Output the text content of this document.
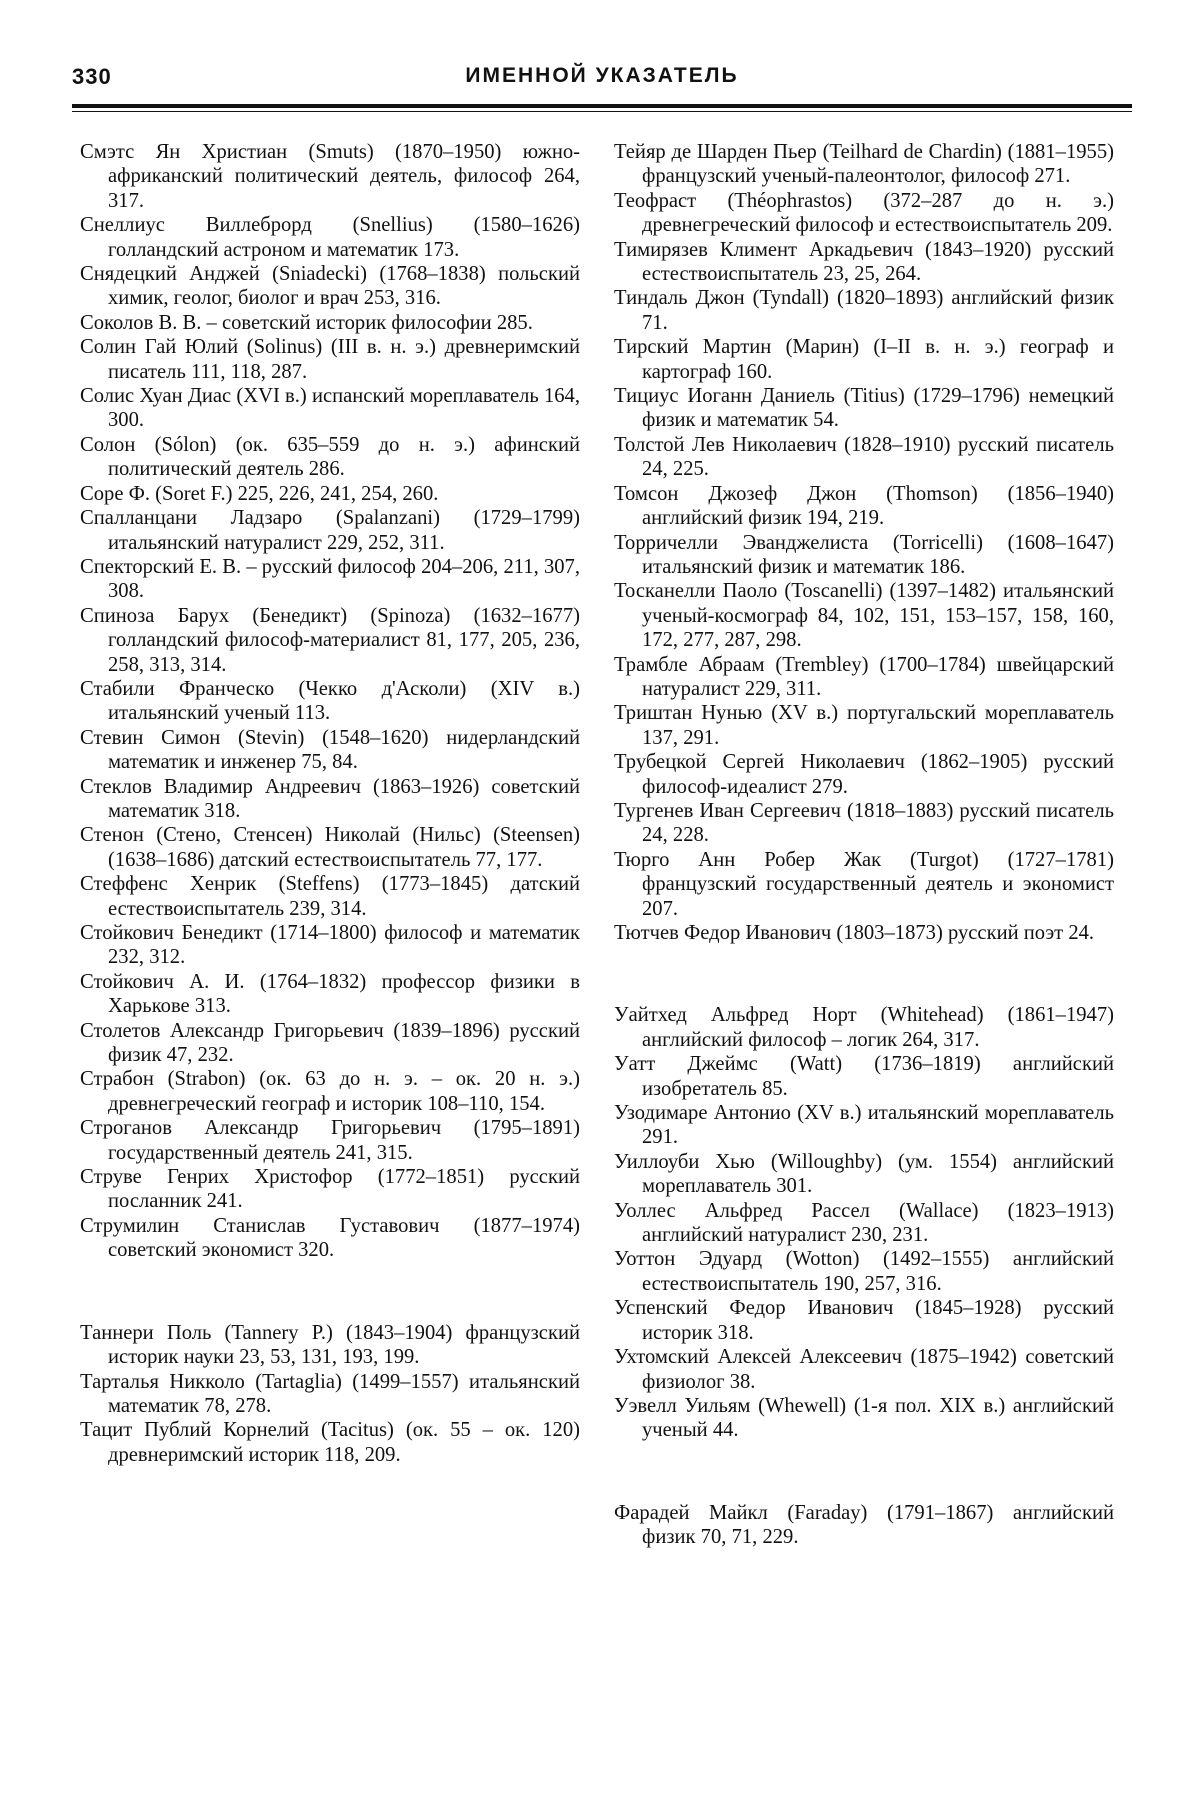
330	ИМЕННОЙ УКАЗАТЕЛЬ

Смэтс Ян Христиан (Smuts) (1870–1950) южно-африканский политический деятель, философ 264, 317.

Снеллиус Виллеброрд (Snellius) (1580–1626) голландский астроном и математик 173.

Снядецкий Анджей (Sniadecki) (1768–1838) польский химик, геолог, биолог и врач 253, 316.

Соколов В. В. – советский историк философии 285.

Солин Гай Юлий (Solinus) (III в. н. э.) древнеримский писатель 111, 118, 287.

Солис Хуан Диас (XVI в.) испанский мореплаватель 164, 300.

Солон (Sólon) (ок. 635–559 до н. э.) афинский политический деятель 286.

Соре Ф. (Soret F.) 225, 226, 241, 254, 260.

Спалланцани Ладзаро (Spalanzani) (1729–1799) итальянский натуралист 229, 252, 311.

Спекторский Е. В. – русский философ 204–206, 211, 307, 308.

Спиноза Барух (Бенедикт) (Spinoza) (1632–1677) голландский философ-материалист 81, 177, 205, 236, 258, 313, 314.

Стабили Франческо (Чекко д'Асколи) (XIV в.) итальянский ученый 113.

Стевин Симон (Stevin) (1548–1620) нидерландский математик и инженер 75, 84.

Стеклов Владимир Андреевич (1863–1926) советский математик 318.

Стенон (Стено, Стенсен) Николай (Нильс) (Steensen) (1638–1686) датский естествоиспытатель 77, 177.

Стеффенс Хенрик (Steffens) (1773–1845) датский естествоиспытатель 239, 314.

Стойкович Бенедикт (1714–1800) философ и математик 232, 312.

Стойкович А. И. (1764–1832) профессор физики в Харькове 313.

Столетов Александр Григорьевич (1839–1896) русский физик 47, 232.

Страбон (Strabon) (ок. 63 до н. э. – ок. 20 н. э.) древнегреческий географ и историк 108–110, 154.

Строганов Александр Григорьевич (1795–1891) государственный деятель 241, 315.

Струве Генрих Христофор (1772–1851) русский посланник 241.

Струмилин Станислав Густавович (1877–1974) советский экономист 320.

Таннери Поль (Tannery P.) (1843–1904) французский историк науки 23, 53, 131, 193, 199.

Тарталья Никколо (Tartaglia) (1499–1557) итальянский математик 78, 278.

Тацит Публий Корнелий (Tacitus) (ок. 55 – ок. 120) древнеримский историк 118, 209.

Тейяр де Шарден Пьер (Teilhard de Chardin) (1881–1955) французский ученый-палеонтолог, философ 271.

Теофраст (Théophrastos) (372–287 до н. э.) древнегреческий философ и естествоиспытатель 209.

Тимирязев Климент Аркадьевич (1843–1920) русский естествоиспытатель 23, 25, 264.

Тиндаль Джон (Tyndall) (1820–1893) английский физик 71.

Тирский Мартин (Марин) (I–II в. н. э.) географ и картограф 160.

Тициус Иоганн Даниель (Titius) (1729–1796) немецкий физик и математик 54.

Толстой Лев Николаевич (1828–1910) русский писатель 24, 225.

Томсон Джозеф Джон (Thomson) (1856–1940) английский физик 194, 219.

Торричелли Эванджелиста (Torricelli) (1608–1647) итальянский физик и математик 186.

Тосканелли Паоло (Toscanelli) (1397–1482) итальянский ученый-космограф 84, 102, 151, 153–157, 158, 160, 172, 277, 287, 298.

Трамбле Абраам (Trembley) (1700–1784) швейцарский натуралист 229, 311.

Триштан Нунью (XV в.) португальский мореплаватель 137, 291.

Трубецкой Сергей Николаевич (1862–1905) русский философ-идеалист 279.

Тургенев Иван Сергеевич (1818–1883) русский писатель 24, 228.

Тюрго Анн Робер Жак (Turgot) (1727–1781) французский государственный деятель и экономист 207.

Тютчев Федор Иванович (1803–1873) русский поэт 24.

Уайтхед Альфред Норт (Whitehead) (1861–1947) английский философ – логик 264, 317.

Уатт Джеймс (Watt) (1736–1819) английский изобретатель 85.

Узодимаре Антонио (XV в.) итальянский мореплаватель 291.

Уиллоуби Хью (Willoughby) (ум. 1554) английский мореплаватель 301.

Уоллес Альфред Рассел (Wallace) (1823–1913) английский натуралист 230, 231.

Уоттон Эдуард (Wotton) (1492–1555) английский естествоиспытатель 190, 257, 316.

Успенский Федор Иванович (1845–1928) русский историк 318.

Ухтомский Алексей Алексеевич (1875–1942) советский физиолог 38.

Уэвелл Уильям (Whewell) (1-я пол. XIX в.) английский ученый 44.

Фарадей Майкл (Faraday) (1791–1867) английский физик 70, 71, 229.
